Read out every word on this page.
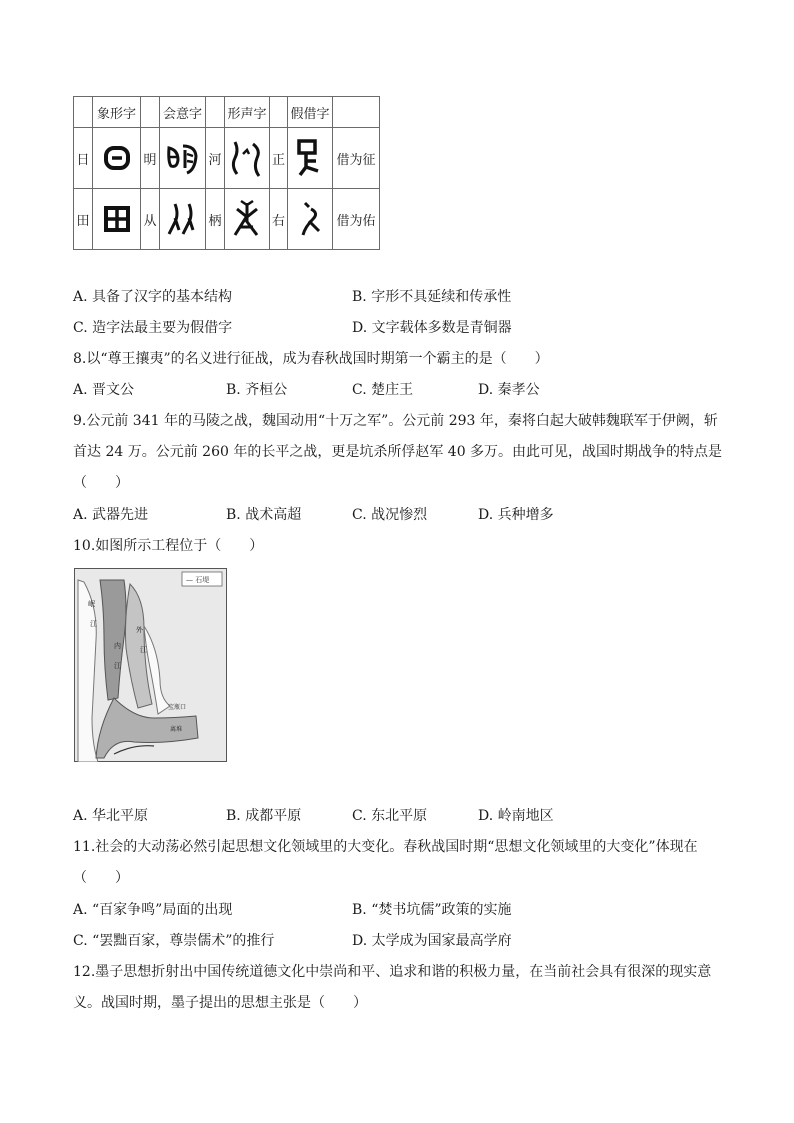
	象形字		会意字		形声字		假借字	
日		明		河		正		借为征
田		从		柄		右		借为佑
A. 具备了汉字的基本结构	B. 字形不具延续和传承性
C. 造字法最主要为假借字	D. 文字载体多数是青铜器
8.以“尊王攘夷”的名义进行征战，成为春秋战国时期第一个霸主的是（　　）
A. 晋文公	B. 齐桓公	C. 楚庄王	D. 秦孝公
9.公元前 341 年的马陵之战，魏国动用“十万之军”。公元前 293 年，秦将白起大破韩魏联军于伊阙，斩
首达 24 万。公元前 260 年的长平之战，更是坑杀所俘赵军 40 多万。由此可见，战国时期战争的特点是
（　　）
A. 武器先进	B. 战术高超	C. 战况惨烈	D. 兵种增多
10.如图所示工程位于（　　）
— 石堤
岷
江
内
江
外
江
宝瓶口
离堆
A. 华北平原	B. 成都平原	C. 东北平原	D. 岭南地区
11.社会的大动荡必然引起思想文化领域里的大变化。春秋战国时期“思想文化领域里的大变化”体现在
（　　）
A. “百家争鸣”局面的出现	B. “焚书坑儒”政策的实施
C. “罢黜百家，尊崇儒术”的推行	D. 太学成为国家最高学府
12.墨子思想折射出中国传统道德文化中崇尚和平、追求和谐的积极力量，在当前社会具有很深的现实意
义。战国时期，墨子提出的思想主张是（　　）
